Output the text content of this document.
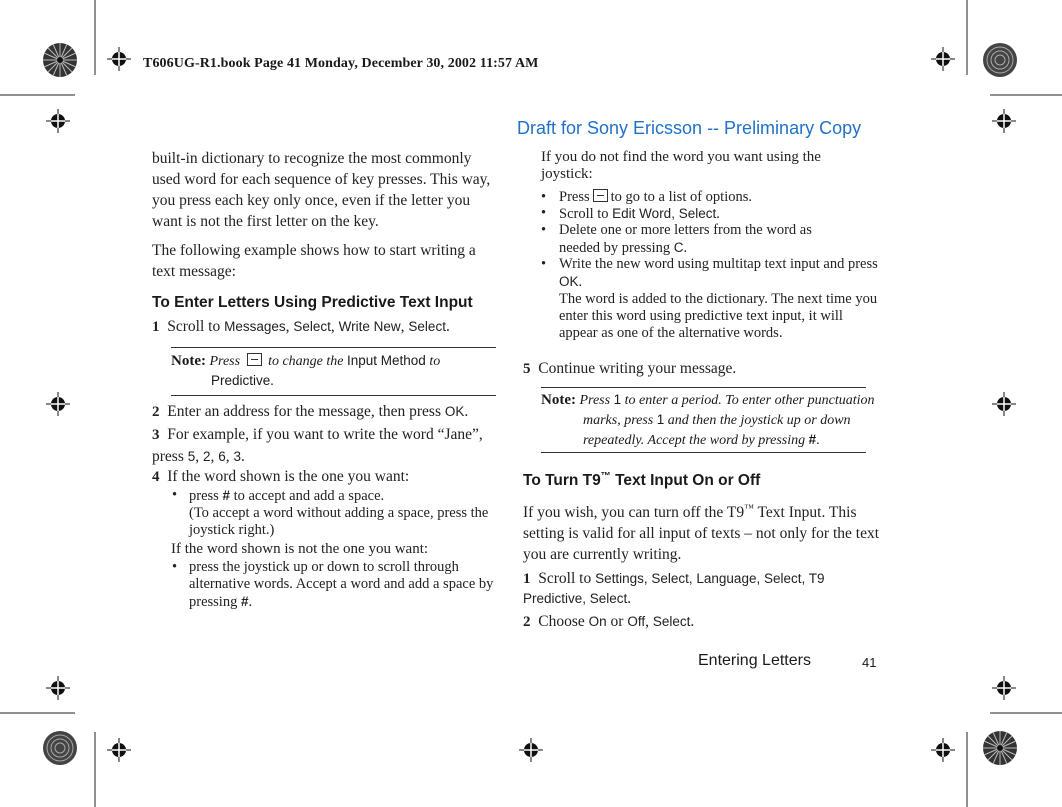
T606UG-R1.book Page 41 Monday, December 30, 2002 11:57 AM
Draft for Sony Ericsson -- Preliminary Copy
built-in dictionary to recognize the most commonly used word for each sequence of key presses. This way, you press each key only once, even if the letter you want is not the first letter on the key.
The following example shows how to start writing a text message:
To Enter Letters Using Predictive Text Input
1 Scroll to Messages, Select, Write New, Select.
Note: Press to change the Input Method to
Predictive.
2 Enter an address for the message, then press OK.
3 For example, if you want to write the word “Jane”, press 5, 2, 6, 3.
4 If the word shown is the one you want:
• press # to accept and add a space.
(To accept a word without adding a space, press the joystick right.)
If the word shown is not the one you want:
• press the joystick up or down to scroll through alternative words. Accept a word and add a space by pressing #.
If you do not find the word you want using the joystick:
• Press to go to a list of options.
• Scroll to Edit Word, Select.
• Delete one or more letters from the word as needed by pressing C.
• Write the new word using multitap text input and press OK.
The word is added to the dictionary. The next time you enter this word using predictive text input, it will appear as one of the alternative words.
5 Continue writing your message.
Note: Press 1 to enter a period. To enter other punctuation
marks, press 1 and then the joystick up or down
repeatedly. Accept the word by pressing #.
To Turn T9™ Text Input On or Off
If you wish, you can turn off the T9™ Text Input. This setting is valid for all input of texts – not only for the text you are currently writing.
1 Scroll to Settings, Select, Language, Select, T9 Predictive, Select.
2 Choose On or Off, Select.
Entering Letters	41
